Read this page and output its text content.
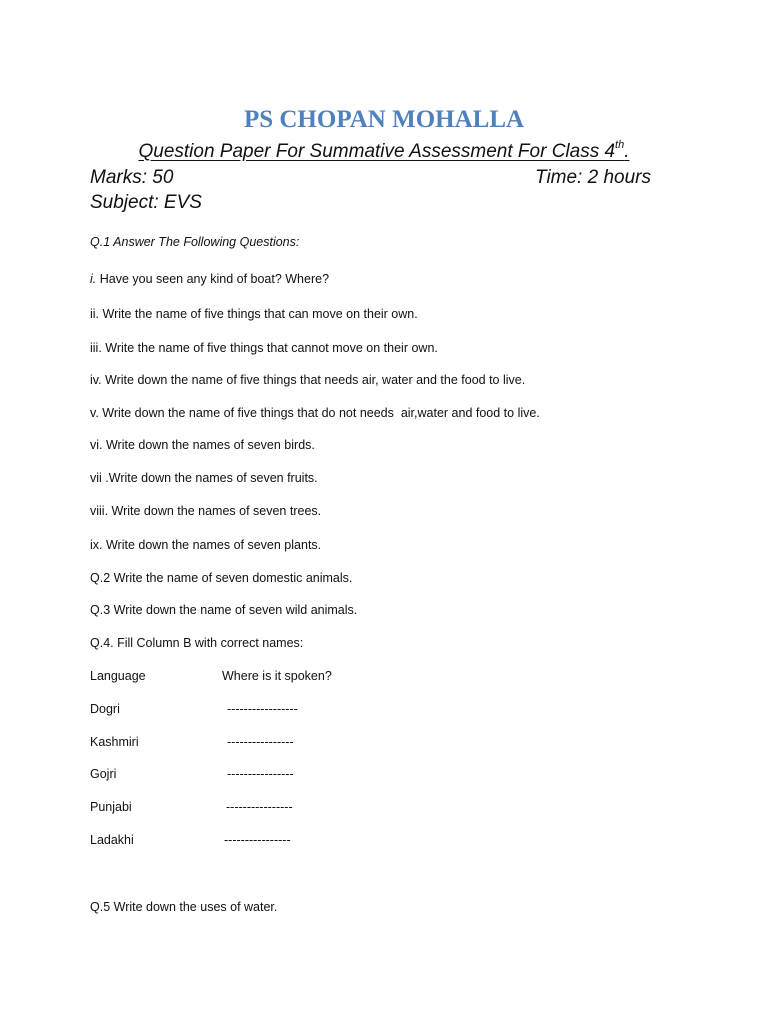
PS CHOPAN MOHALLA
Question Paper For Summative Assessment For Class 4th.
Marks: 50	Time: 2 hours
Subject: EVS
Q.1 Answer The Following Questions:
i. Have you seen any kind of boat? Where?
ii. Write the name of five things that can move on their own.
iii. Write the name of five things that cannot move on their own.
iv. Write down the name of five things that needs air, water and the food to live.
v. Write down the name of five things that do not needs  air,water and food to live.
vi. Write down the names of seven birds.
vii .Write down the names of seven fruits.
viii. Write down the names of seven trees.
ix. Write down the names of seven plants.
Q.2 Write the name of seven domestic animals.
Q.3 Write down the name of seven wild animals.
Q.4. Fill Column B with correct names:
Language	Where is it spoken?
Dogri	-----------------
Kashmiri	----------------
Gojri	----------------
Punjabi	----------------
Ladakhi	----------------
Q.5 Write down the uses of water.
